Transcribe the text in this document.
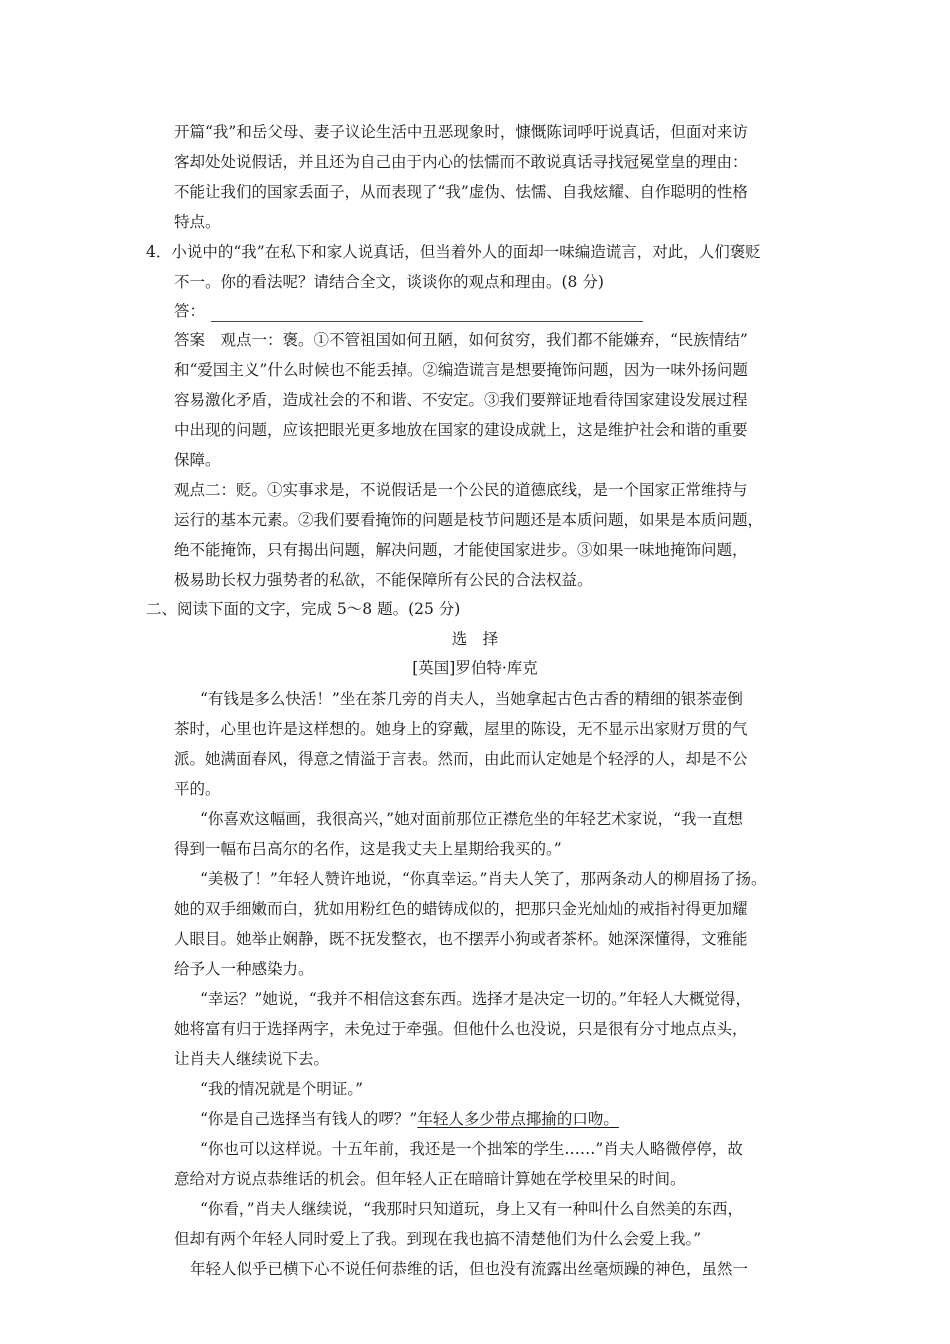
开篇“我”和岳父母、妻子议论生活中丑恶现象时，慷慨陈词呼吁说真话，但面对来访
客却处处说假话，并且还为自己由于内心的怯懦而不敢说真话寻找冠冕堂皇的理由：
不能让我们的国家丢面子，从而表现了“我”虚伪、怯懦、自我炫耀、自作聪明的性格
特点。
4．小说中的“我”在私下和家人说真话，但当着外人的面却一味编造谎言，对此，人们褒贬
不一。你的看法呢？请结合全文，谈谈你的观点和理由。(8 分)
答：
答案　观点一：褒。①不管祖国如何丑陋，如何贫穷，我们都不能嫌弃，“民族情结”
和“爱国主义”什么时候也不能丢掉。②编造谎言是想要掩饰问题，因为一味外扬问题
容易激化矛盾，造成社会的不和谐、不安定。③我们要辩证地看待国家建设发展过程
中出现的问题，应该把眼光更多地放在国家的建设成就上，这是维护社会和谐的重要
保障。
观点二：贬。①实事求是，不说假话是一个公民的道德底线，是一个国家正常维持与
运行的基本元素。②我们要看掩饰的问题是枝节问题还是本质问题，如果是本质问题，
绝不能掩饰，只有揭出问题，解决问题，才能使国家进步。③如果一味地掩饰问题，
极易助长权力强势者的私欲，不能保障所有公民的合法权益。
二、阅读下面的文字，完成 5～8 题。(25 分)
选　择
[英国]罗伯特·库克
“有钱是多么快活！”坐在茶几旁的肖夫人，当她拿起古色古香的精细的银茶壶倒
茶时，心里也许是这样想的。她身上的穿戴，屋里的陈设，无不显示出家财万贯的气
派。她满面春风，得意之情溢于言表。然而，由此而认定她是个轻浮的人，却是不公
平的。
“你喜欢这幅画，我很高兴，”她对面前那位正襟危坐的年轻艺术家说，“我一直想
得到一幅布吕高尔的名作，这是我丈夫上星期给我买的。”
“美极了！”年轻人赞许地说，“你真幸运。”肖夫人笑了，那两条动人的柳眉扬了扬。
她的双手细嫩而白，犹如用粉红色的蜡铸成似的，把那只金光灿灿的戒指衬得更加耀
人眼目。她举止娴静，既不抚发整衣，也不摆弄小狗或者茶杯。她深深懂得，文雅能
给予人一种感染力。
“幸运？”她说，“我并不相信这套东西。选择才是决定一切的。”年轻人大概觉得，
她将富有归于选择两字，未免过于牵强。但他什么也没说，只是很有分寸地点点头，
让肖夫人继续说下去。
“我的情况就是个明证。”
“你是自己选择当有钱人的啰？”年轻人多少带点揶揄的口吻。
“你也可以这样说。十五年前，我还是一个拙笨的学生……”肖夫人略微停停，故
意给对方说点恭维话的机会。但年轻人正在暗暗计算她在学校里呆的时间。
“你看，”肖夫人继续说，“我那时只知道玩，身上又有一种叫什么自然美的东西，
但却有两个年轻人同时爱上了我。到现在我也搞不清楚他们为什么会爱上我。”
年轻人似乎已横下心不说任何恭维的话，但也没有流露出丝毫烦躁的神色，虽然一
